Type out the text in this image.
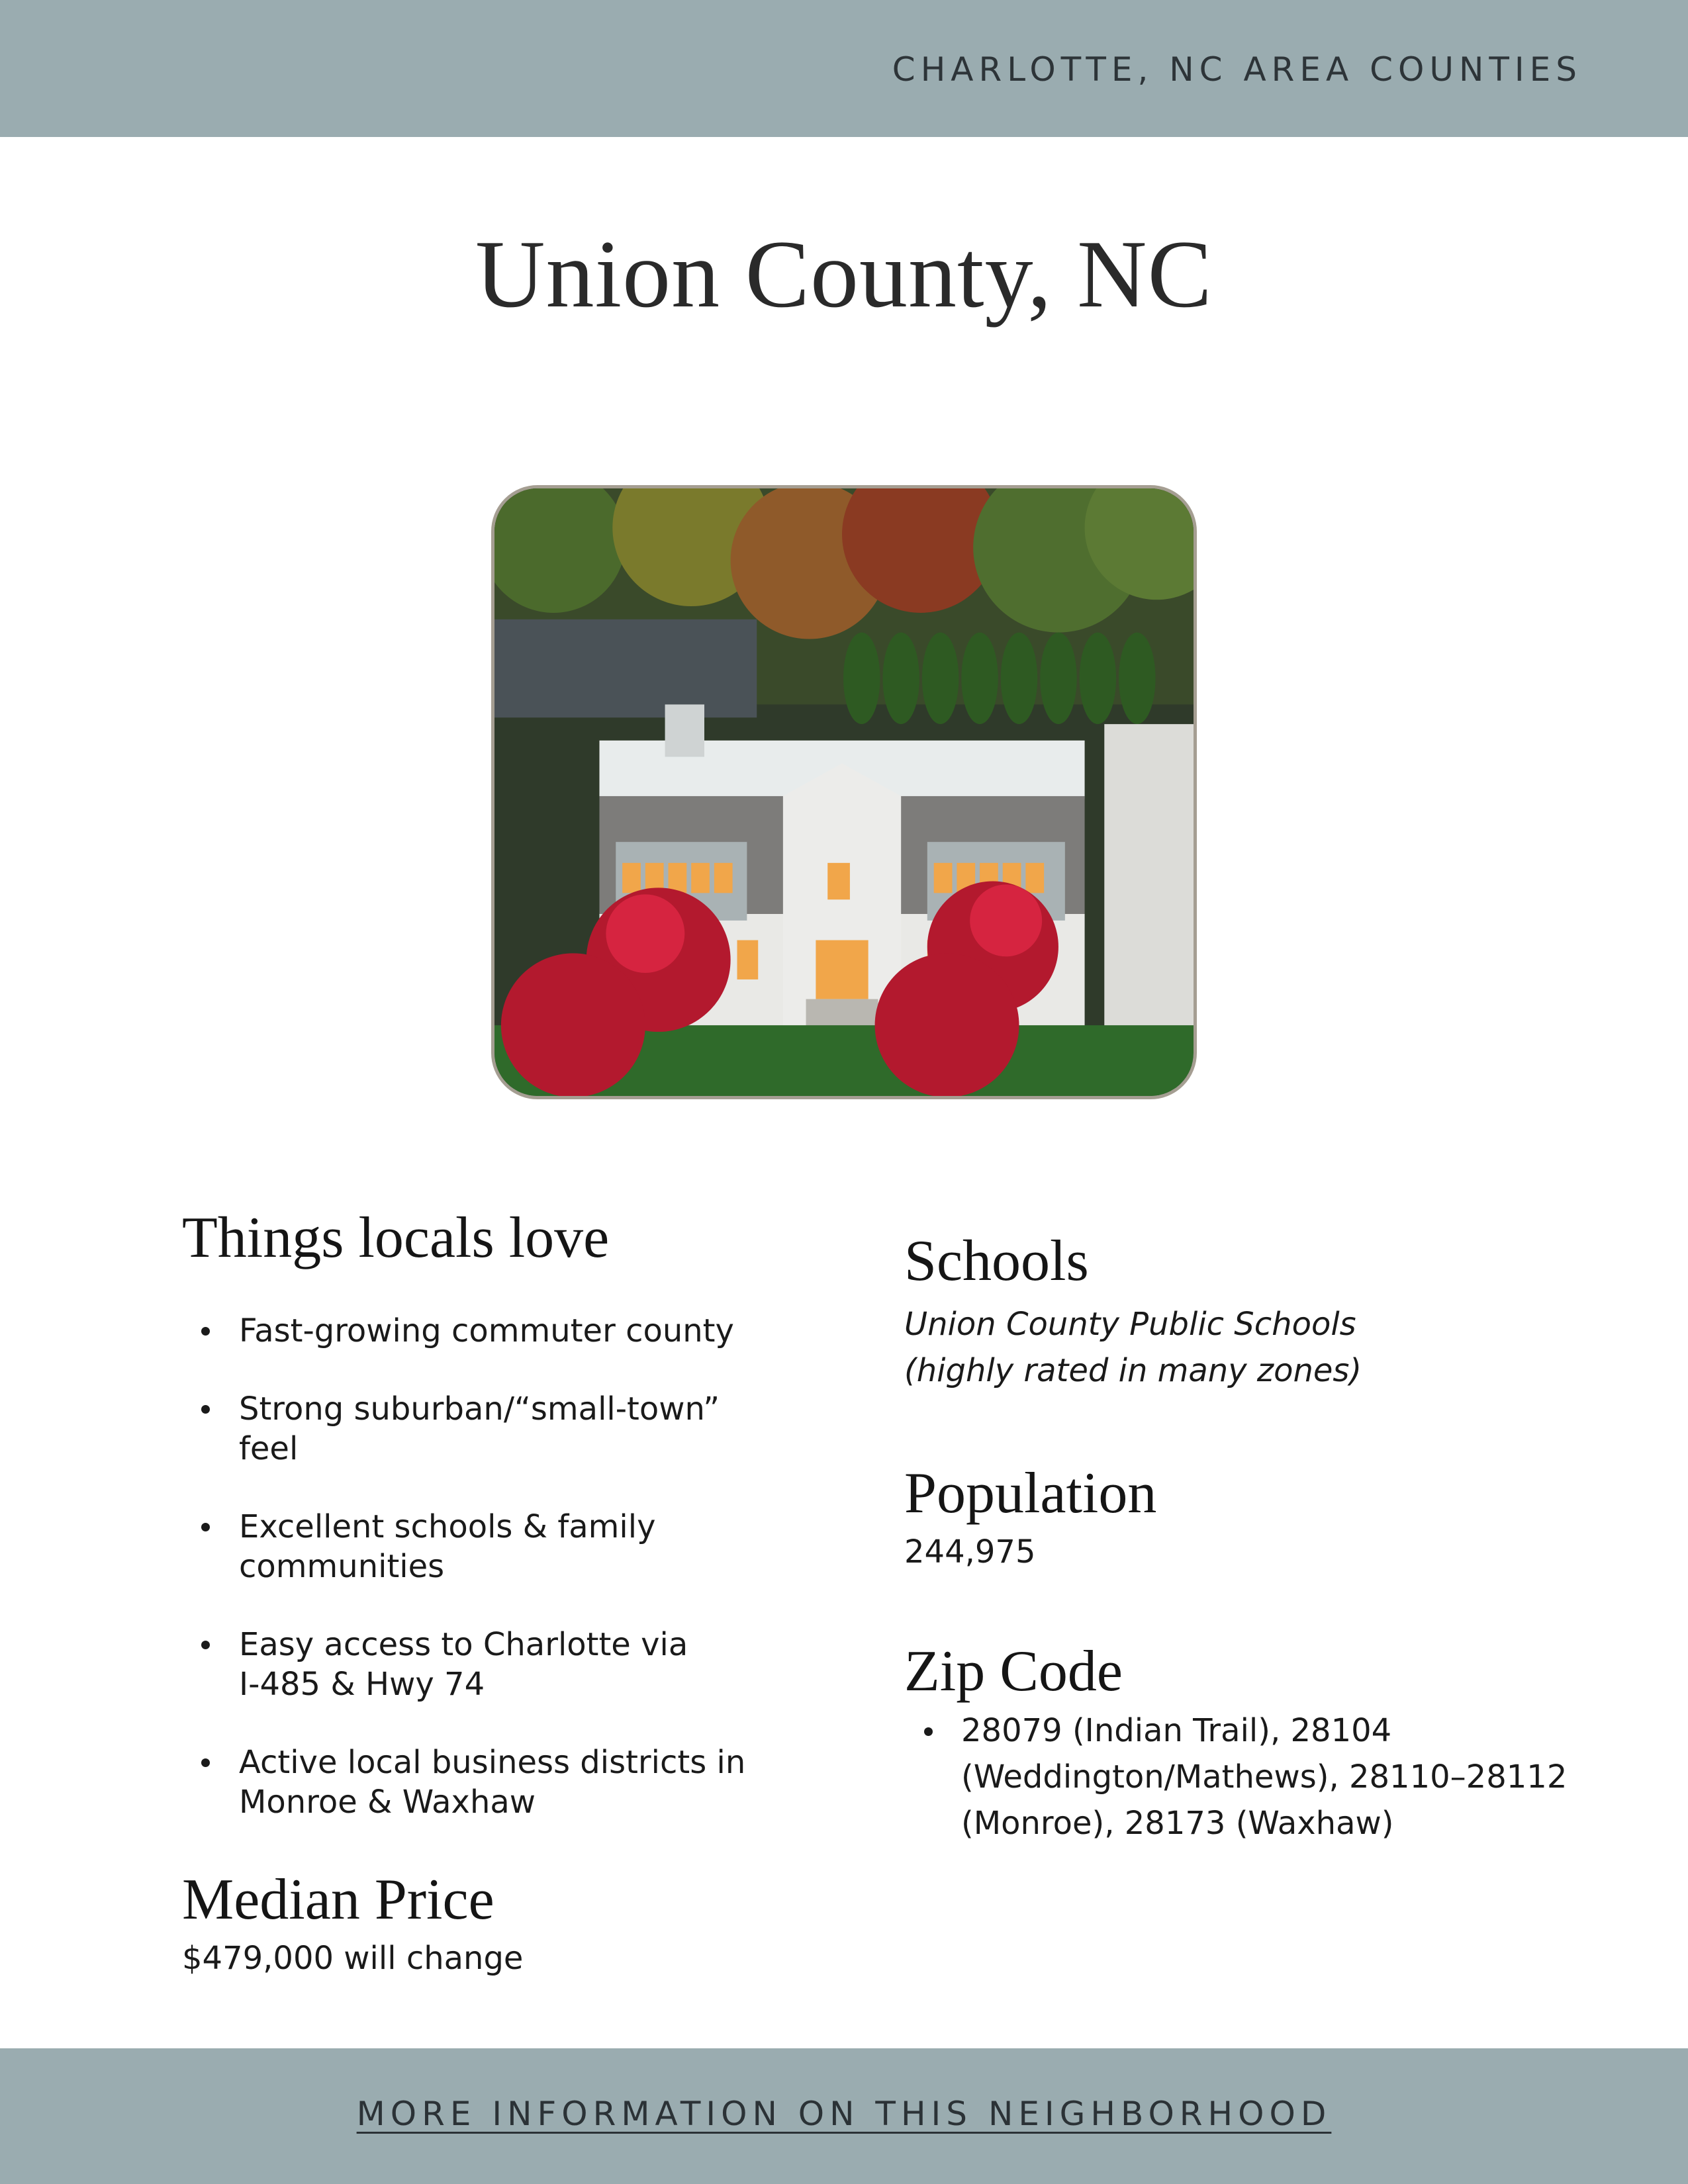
CHARLOTTE, NC AREA COUNTIES
Union County, NC
Things locals love
Fast-growing commuter county
Strong suburban/“small-town” feel
Excellent schools & family communities
Easy access to Charlotte via I-485 & Hwy 74
Active local business districts in Monroe & Waxhaw
Median Price
$479,000 will change
Schools
Union County Public Schools (highly rated in many zones)
Population
244,975
Zip Code
28079 (Indian Trail), 28104 (Weddington/Mathews), 28110–28112 (Monroe), 28173 (Waxhaw)
MORE INFORMATION ON THIS NEIGHBORHOOD
